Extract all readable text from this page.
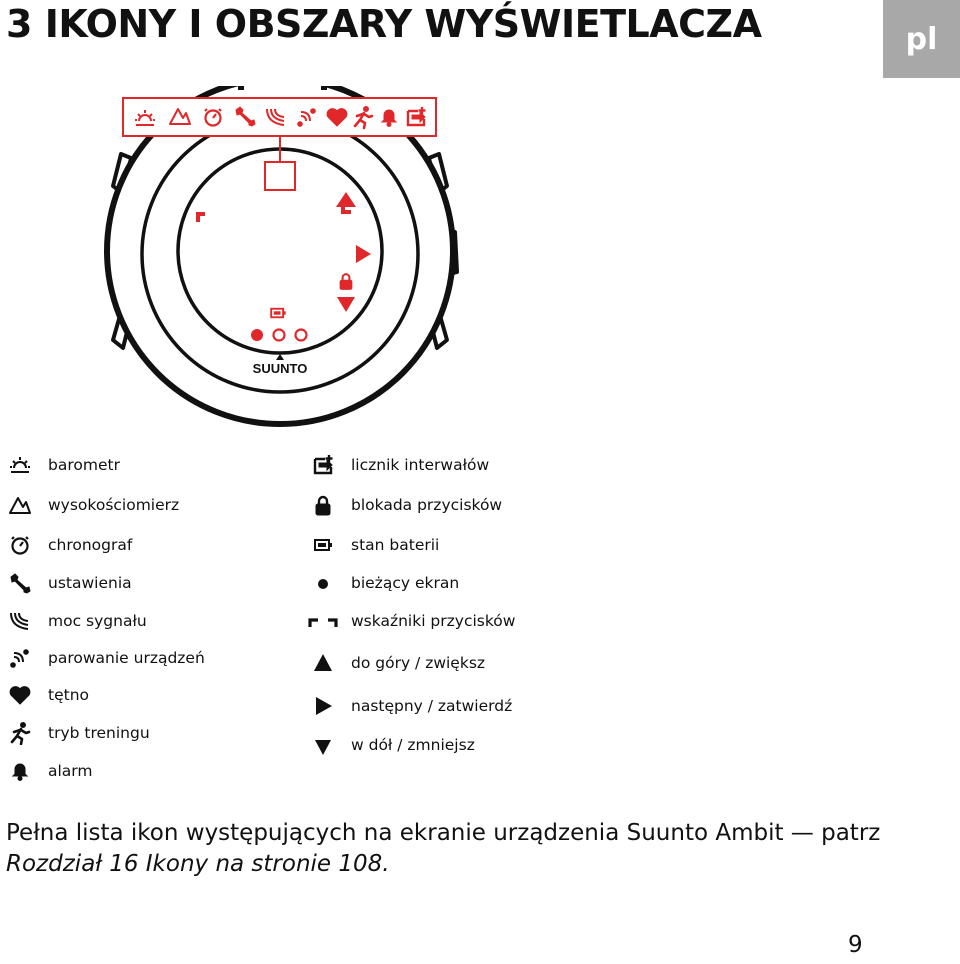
3 IKONY I OBSZARY WYŚWIETLACZA	pl
SUUNTO
barometr
wysokościomierz
chronograf
ustawienia
moc sygnału
parowanie urządzeń
tętno
tryb treningu
alarm
licznik interwałów
blokada przycisków
stan baterii
bieżący ekran
wskaźniki przycisków
do góry / zwiększ
następny / zatwierdź
w dół / zmniejsz
Pełna lista ikon występujących na ekranie urządzenia Suunto Ambit — patrz
Rozdział 16 Ikony na stronie 108.
9
